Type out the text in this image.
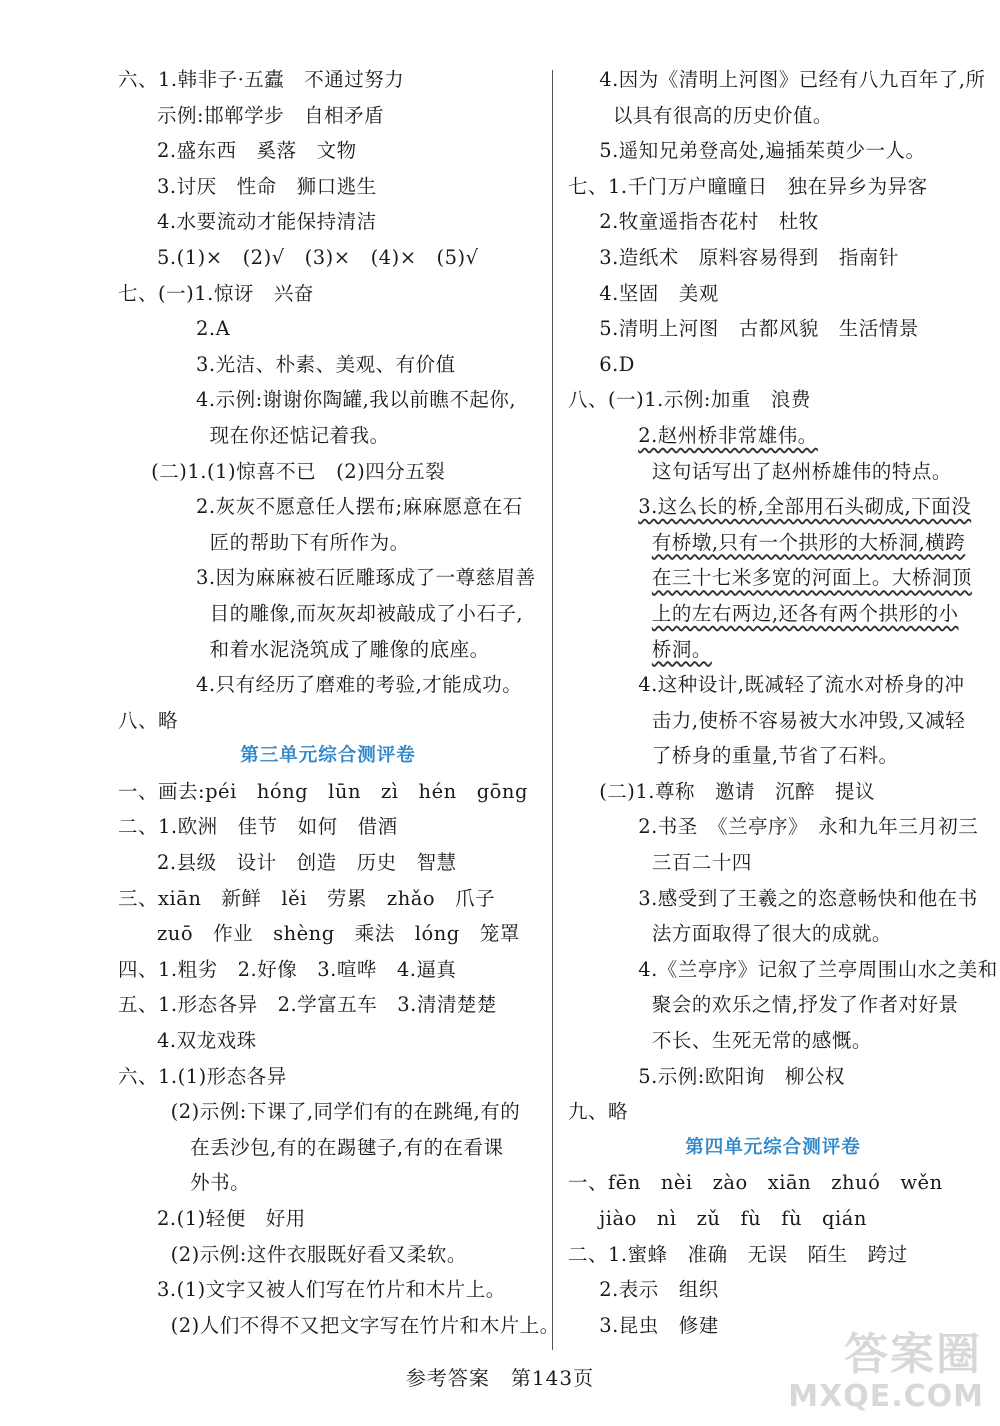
六、1.韩非子·五蠹　不通过努力
示例:邯郸学步　自相矛盾
2.盛东西　奚落　文物
3.讨厌　性命　狮口逃生
4.水要流动才能保持清洁
5.(1)×　(2)√　(3)×　(4)×　(5)√
七、(一)1.惊讶　兴奋
2.A
3.光洁、朴素、美观、有价值
4.示例:谢谢你陶罐,我以前瞧不起你,
现在你还惦记着我。
(二)1.(1)惊喜不已　(2)四分五裂
2.灰灰不愿意任人摆布;麻麻愿意在石
匠的帮助下有所作为。
3.因为麻麻被石匠雕琢成了一尊慈眉善
目的雕像,而灰灰却被敲成了小石子,
和着水泥浇筑成了雕像的底座。
4.只有经历了磨难的考验,才能成功。
八、略
第三单元综合测评卷
一、画去:péi　hóng　lūn　zì　hén　gōng
二、1.欧洲　佳节　如何　借酒
2.县级　设计　创造　历史　智慧
三、xiān　新鲜　lěi　劳累　zhǎo　爪子
zuō　作业　shèng　乘法　lóng　笼罩
四、1.粗劣　2.好像　3.喧哗　4.逼真
五、1.形态各异　2.学富五车　3.清清楚楚
4.双龙戏珠
六、1.(1)形态各异
(2)示例:下课了,同学们有的在跳绳,有的
在丢沙包,有的在踢毽子,有的在看课
外书。
2.(1)轻便　好用
(2)示例:这件衣服既好看又柔软。
3.(1)文字又被人们写在竹片和木片上。
(2)人们不得不又把文字写在竹片和木片上。
4.因为《清明上河图》已经有八九百年了,所
以具有很高的历史价值。
5.遥知兄弟登高处,遍插茱萸少一人。
七、1.千门万户曈曈日　独在异乡为异客
2.牧童遥指杏花村　杜牧
3.造纸术　原料容易得到　指南针
4.坚固　美观
5.清明上河图　古都风貌　生活情景
6.D
八、(一)1.示例:加重　浪费
2.赵州桥非常雄伟。
这句话写出了赵州桥雄伟的特点。
3.这么长的桥,全部用石头砌成,下面没
有桥墩,只有一个拱形的大桥洞,横跨
在三十七米多宽的河面上。大桥洞顶
上的左右两边,还各有两个拱形的小
桥洞。
4.这种设计,既减轻了流水对桥身的冲
击力,使桥不容易被大水冲毁,又减轻
了桥身的重量,节省了石料。
(二)1.尊称　邀请　沉醉　提议
2.书圣　《兰亭序》　永和九年三月初三
三百二十四
3.感受到了王羲之的恣意畅快和他在书
法方面取得了很大的成就。
4.《兰亭序》记叙了兰亭周围山水之美和
聚会的欢乐之情,抒发了作者对好景
不长、生死无常的感慨。
5.示例:欧阳询　柳公权
九、略
第四单元综合测评卷
一、fēn　nèi　zào　xiān　zhuó　wěn
jiào　nì　zǔ　fù　fù　qián
二、1.蜜蜂　准确　无误　陌生　跨过
2.表示　组织
3.昆虫　修建
参考答案　第143页	答案圈
MXQE.COM
